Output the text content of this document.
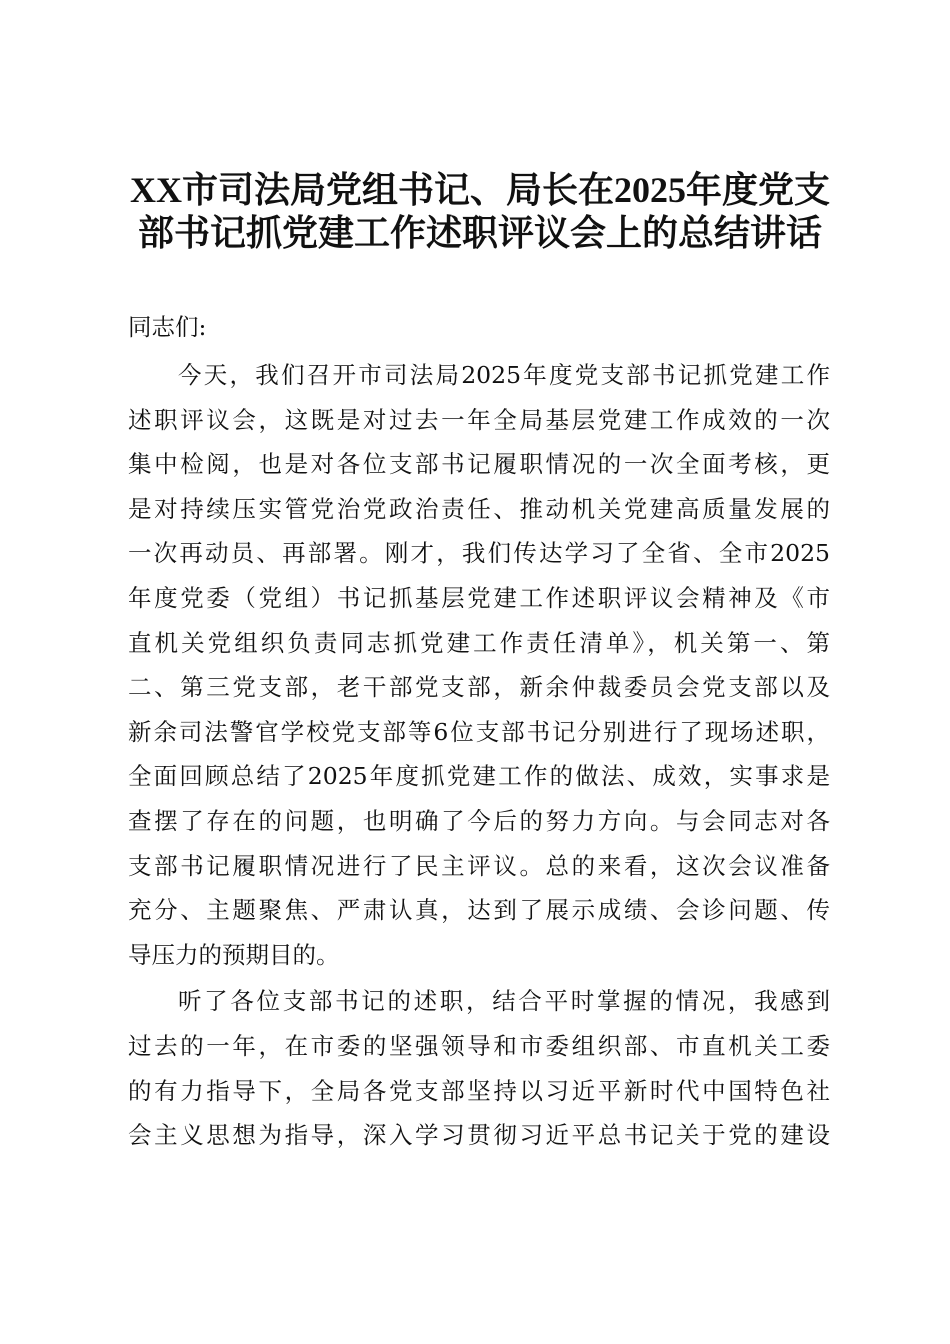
XX市司法局党组书记、局长在2025年度党支
部书记抓党建工作述职评议会上的总结讲话
同志们:
今天，我们召开市司法局2025年度党支部书记抓党建工作
述职评议会，这既是对过去一年全局基层党建工作成效的一次
集中检阅，也是对各位支部书记履职情况的一次全面考核，更
是对持续压实管党治党政治责任、推动机关党建高质量发展的
一次再动员、再部署。刚才，我们传达学习了全省、全市2025
年度党委（党组）书记抓基层党建工作述职评议会精神及《市
直机关党组织负责同志抓党建工作责任清单》，机关第一、第
二、第三党支部，老干部党支部，新余仲裁委员会党支部以及
新余司法警官学校党支部等6位支部书记分别进行了现场述职，
全面回顾总结了2025年度抓党建工作的做法、成效，实事求是
查摆了存在的问题，也明确了今后的努力方向。与会同志对各
支部书记履职情况进行了民主评议。总的来看，这次会议准备
充分、主题聚焦、严肃认真，达到了展示成绩、会诊问题、传
导压力的预期目的。
听了各位支部书记的述职，结合平时掌握的情况，我感到
过去的一年，在市委的坚强领导和市委组织部、市直机关工委
的有力指导下，全局各党支部坚持以习近平新时代中国特色社
会主义思想为指导，深入学习贯彻习近平总书记关于党的建设
